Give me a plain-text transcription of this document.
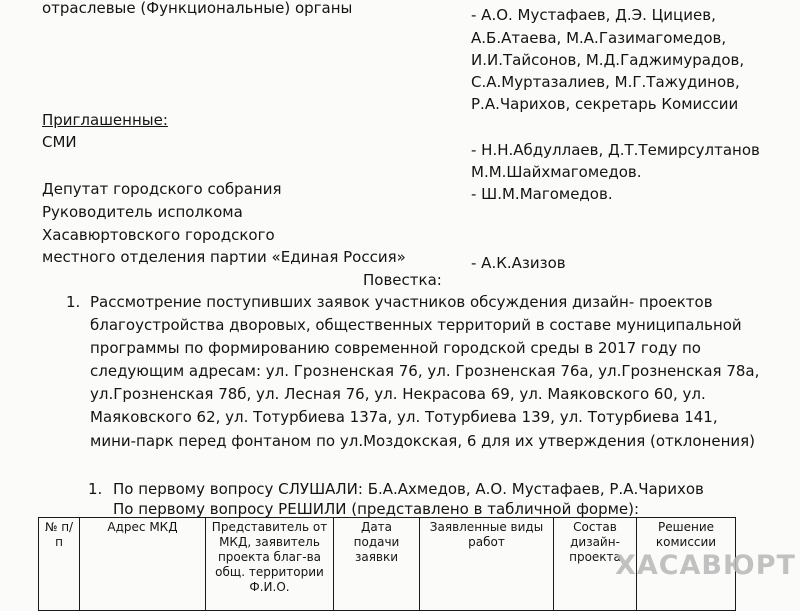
отраслевые (Функциональные) органы
Приглашенные:
СМИ
Депутат городского собрания
Руководитель исполкома
Хасавюртовского городского
местного отделения партии «Единая Россия»
- А.О. Мустафаев, Д.Э. Цициев,
А.Б.Атаева, М.А.Газимагомедов,
И.И.Тайсонов, М.Д.Гаджимурадов,
С.А.Муртазалиев, М.Г.Тажудинов,
Р.А.Чарихов, секретарь Комиссии
- Н.Н.Абдуллаев, Д.Т.Темирсултанов
М.М.Шайхмагомедов.
- Ш.М.Магомедов.
- А.К.Азизов
Повестка:
1. Рассмотрение поступивших заявок участников обсуждения дизайн- проектов
благоустройства дворовых, общественных территорий в составе муниципальной
программы по формированию современной городской среды в 2017 году по
следующим адресам: ул. Грозненская 76, ул. Грозненская 76а, ул.Грозненская 78а,
ул.Грозненская 78б, ул. Лесная 76, ул. Некрасова 69, ул. Маяковского 60, ул.
Маяковского 62, ул. Тотурбиева 137а, ул. Тотурбиева 139, ул. Тотурбиева 141,
мини-парк перед фонтаном по ул.Моздокская, 6 для их утверждения (отклонения)
1. По первому вопросу СЛУШАЛИ: Б.А.Ахмедов, А.О. Мустафаев, Р.А.Чарихов
По первому вопросу РЕШИЛИ (представлено в табличной форме):
№ п/п	Адрес МКД	Представитель от МКД, заявитель проекта благ-ва общ. территории Ф.И.О.	Дата подачи заявки	Заявленные виды работ	Состав дизайн-проекта	Решение комиссии
ХАСАВЮРТ
